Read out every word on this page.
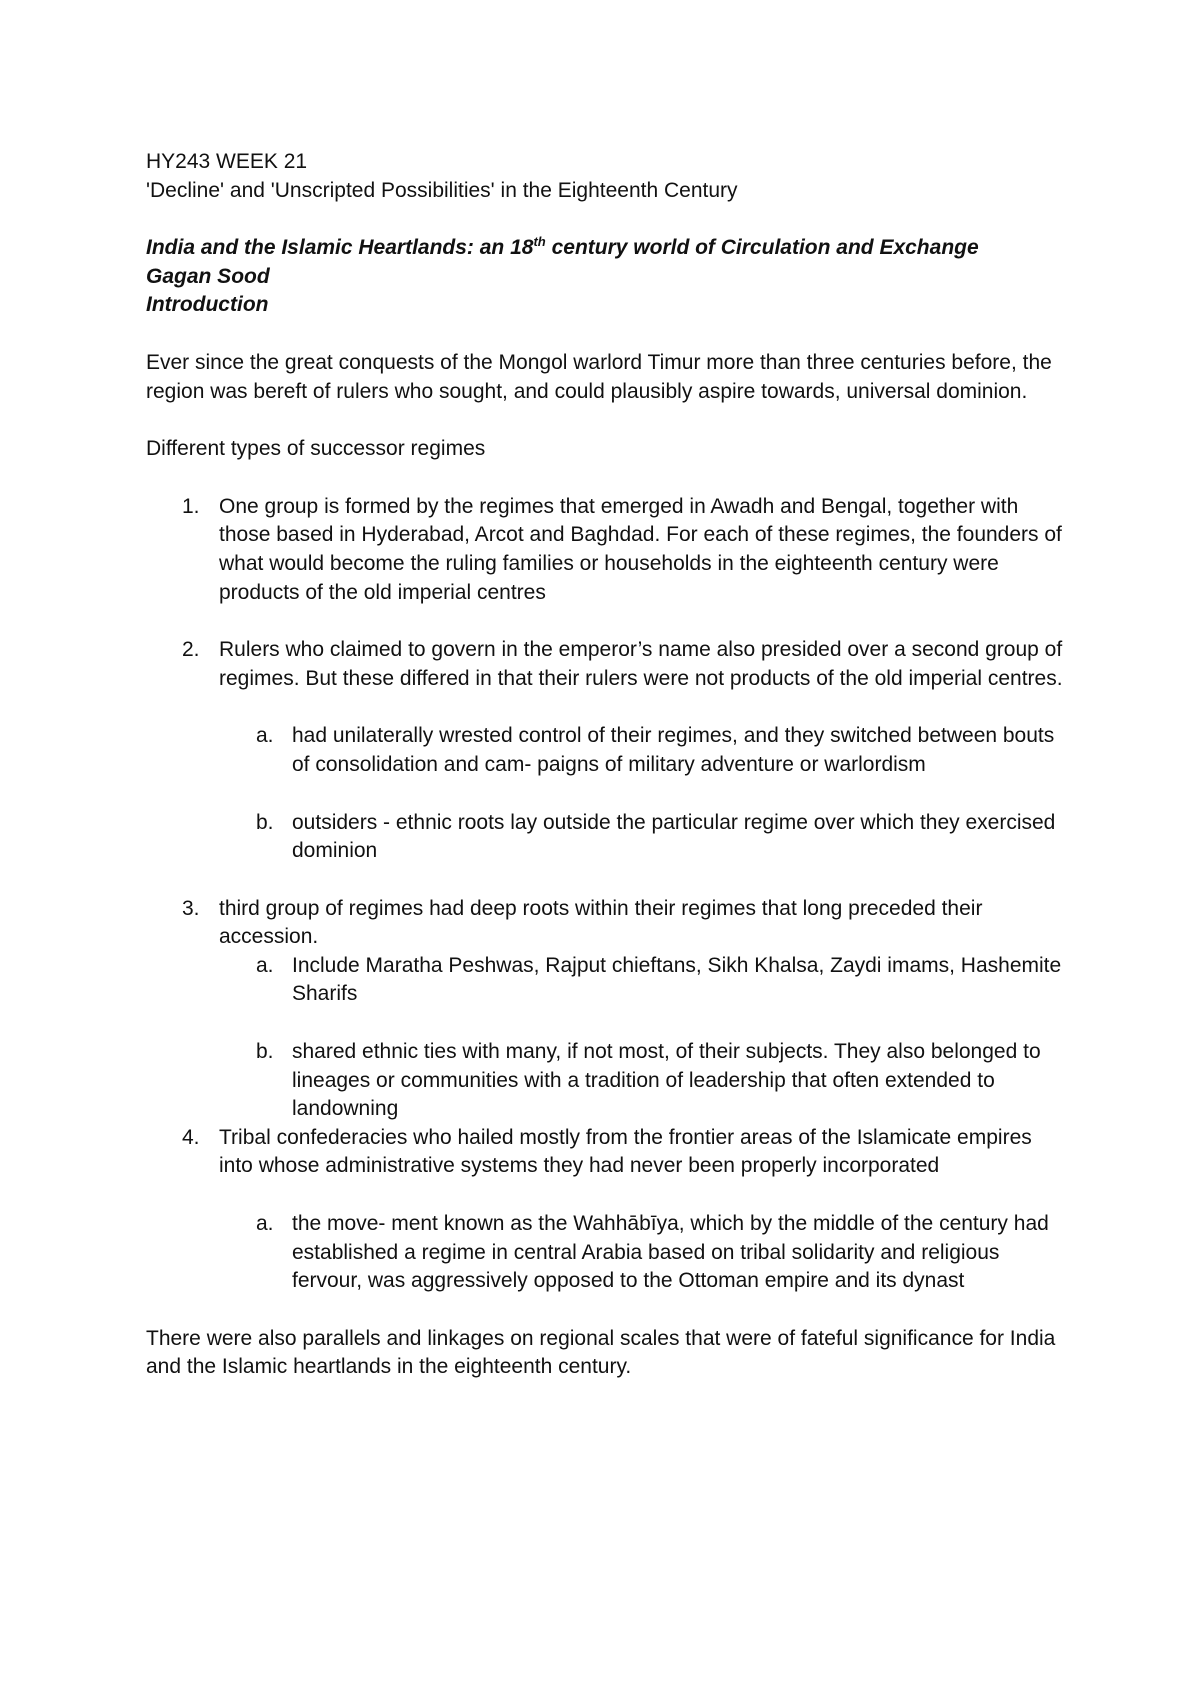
HY243 WEEK 21

'Decline' and 'Unscripted Possibilities' in the Eighteenth Century

India and the Islamic Heartlands: an 18th century world of Circulation and Exchange

Gagan Sood

Introduction

Ever since the great conquests of the Mongol warlord Timur more than three centuries before, the region was bereft of rulers who sought, and could plausibly aspire towards, universal dominion.

Different types of successor regimes

1. One group is formed by the regimes that emerged in Awadh and Bengal, together with those based in Hyderabad, Arcot and Baghdad. For each of these regimes, the founders of what would become the ruling families or households in the eighteenth century were products of the old imperial centres

2. Rulers who claimed to govern in the emperor’s name also presided over a second group of regimes. But these differed in that their rulers were not products of the old imperial centres.

a. had unilaterally wrested control of their regimes, and they switched between bouts of consolidation and cam- paigns of military adventure or warlordism

b. outsiders - ethnic roots lay outside the particular regime over which they exercised dominion

3. third group of regimes had deep roots within their regimes that long preceded their accession.

a. Include Maratha Peshwas, Rajput chieftans, Sikh Khalsa, Zaydi imams, Hashemite Sharifs

b. shared ethnic ties with many, if not most, of their subjects. They also belonged to lineages or communities with a tradition of leadership that often extended to landowning

4. Tribal confederacies who hailed mostly from the frontier areas of the Islamicate empires into whose administrative systems they had never been properly incorporated

a. the move- ment known as the Wahhābīya, which by the middle of the century had established a regime in central Arabia based on tribal solidarity and religious fervour, was aggressively opposed to the Ottoman empire and its dynast

There were also parallels and linkages on regional scales that were of fateful significance for India and the Islamic heartlands in the eighteenth century.
